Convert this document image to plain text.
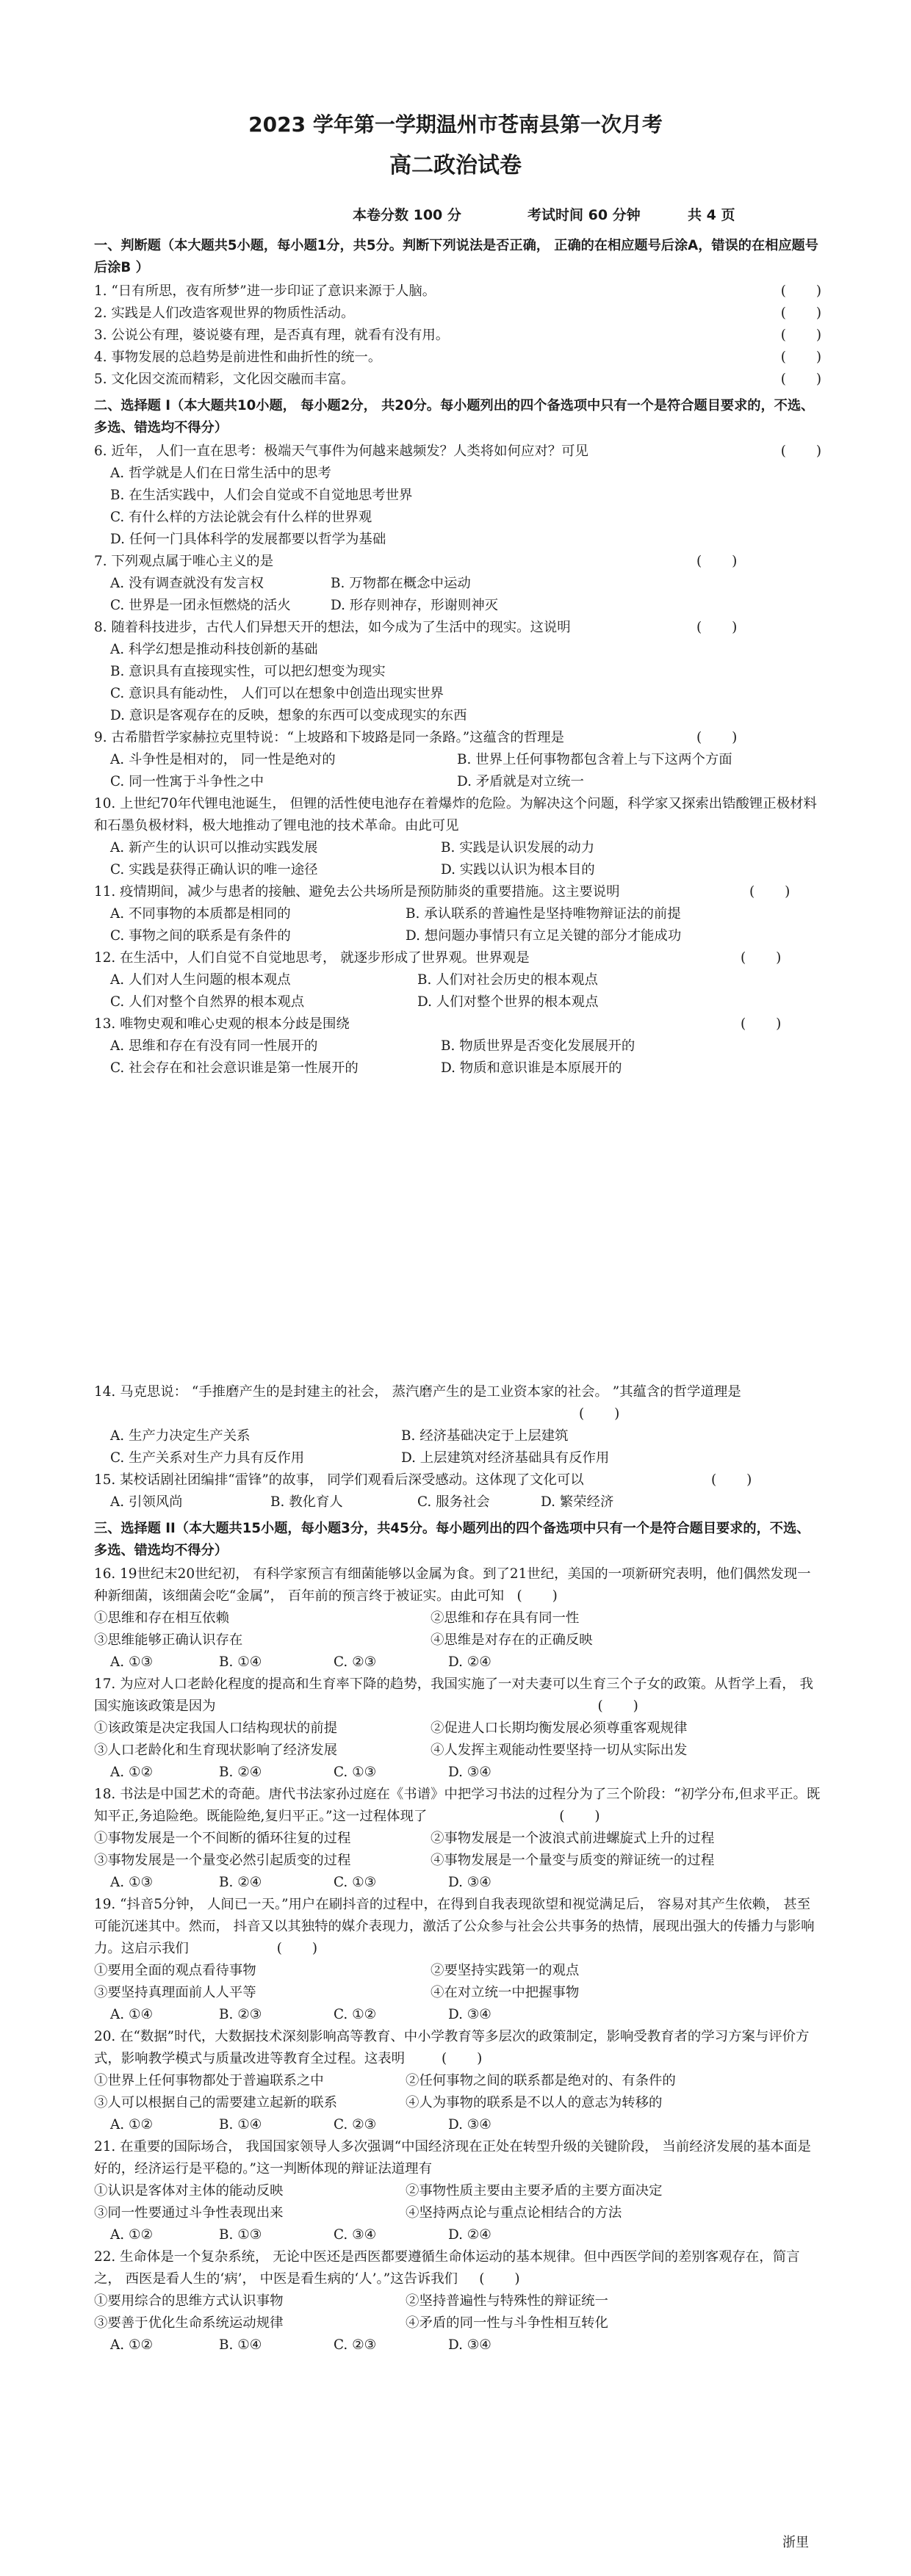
2023 学年第一学期温州市苍南县第一次月考
高二政治试卷
本卷分数 100 分	考试时间 60 分钟	共 4 页
一、判断题（本大题共5小题，每小题1分，共5分。判断下列说法是否正确， 正确的在相应题号后涂A，错误的在相应题号后涂B ）
1. “日有所思，夜有所梦”进一步印证了意识来源于人脑。	(       )
2. 实践是人们改造客观世界的物质性活动。	(       )
3. 公说公有理，婆说婆有理，是否真有理，就看有没有用。	(       )
4. 事物发展的总趋势是前进性和曲折性的统一。	(       )
5. 文化因交流而精彩，文化因交融而丰富。	(       )
二、选择题 I（本大题共10小题， 每小题2分， 共20分。每小题列出的四个备选项中只有一个是符合题目要求的，不选、多选、错选均不得分）
6. 近年， 人们一直在思考：极端天气事件为何越来越频发？人类将如何应对？可见	(       )
A. 哲学就是人们在日常生活中的思考
B. 在生活实践中，人们会自觉或不自觉地思考世界
C. 有什么样的方法论就会有什么样的世界观
D. 任何一门具体科学的发展都要以哲学为基础
7. 下列观点属于唯心主义的是	(       )
A. 没有调查就没有发言权	B. 万物都在概念中运动
C. 世界是一团永恒燃烧的活火	D. 形存则神存，形谢则神灭
8. 随着科技进步，古代人们异想天开的想法，如今成为了生活中的现实。这说明	(       )
A. 科学幻想是推动科技创新的基础
B. 意识具有直接现实性，可以把幻想变为现实
C. 意识具有能动性， 人们可以在想象中创造出现实世界
D. 意识是客观存在的反映，想象的东西可以变成现实的东西
9. 古希腊哲学家赫拉克里特说：“上坡路和下坡路是同一条路。”这蕴含的哲理是	(       )
A. 斗争性是相对的， 同一性是绝对的	B. 世界上任何事物都包含着上与下这两个方面
C. 同一性寓于斗争性之中	D. 矛盾就是对立统一
10. 上世纪70年代锂电池诞生， 但锂的活性使电池存在着爆炸的危险。为解决这个问题，科学家又探索出锆酸锂正极材料和石墨负极材料，极大地推动了锂电池的技术革命。由此可见
A. 新产生的认识可以推动实践发展	B. 实践是认识发展的动力
C. 实践是获得正确认识的唯一途径	D. 实践以认识为根本目的
11. 疫情期间，减少与患者的接触、避免去公共场所是预防肺炎的重要措施。这主要说明	(       )
A. 不同事物的本质都是相同的	B. 承认联系的普遍性是坚持唯物辩证法的前提
C. 事物之间的联系是有条件的	D. 想问题办事情只有立足关键的部分才能成功
12. 在生活中，人们自觉不自觉地思考， 就逐步形成了世界观。世界观是	(       )
A. 人们对人生问题的根本观点	B. 人们对社会历史的根本观点
C. 人们对整个自然界的根本观点	D. 人们对整个世界的根本观点
13. 唯物史观和唯心史观的根本分歧是围绕	(       )
A. 思维和存在有没有同一性展开的	B. 物质世界是否变化发展展开的
C. 社会存在和社会意识谁是第一性展开的	D. 物质和意识谁是本原展开的
14. 马克思说： “手推磨产生的是封建主的社会， 蒸汽磨产生的是工业资本家的社会。 ”其蕴含的哲学道理是(       )
A. 生产力决定生产关系	B. 经济基础决定于上层建筑
C. 生产关系对生产力具有反作用	D. 上层建筑对经济基础具有反作用
15. 某校话剧社团编排“雷锋”的故事， 同学们观看后深受感动。这体现了文化可以	(       )
A. 引领风尚	B. 教化育人	C. 服务社会	D. 繁荣经济
三、选择题 II（本大题共15小题，每小题3分，共45分。每小题列出的四个备选项中只有一个是符合题目要求的，不选、多选、错选均不得分）
16. 19世纪末20世纪初， 有科学家预言有细菌能够以金属为食。到了21世纪，美国的一项新研究表明，他们偶然发现一种新细菌，该细菌会吃“金属”， 百年前的预言终于被证实。由此可知   (       )
①思维和存在相互依赖	②思维和存在具有同一性
③思维能够正确认识存在	④思维是对存在的正确反映
A. ①③	B. ①④	C. ②③	D. ②④
17. 为应对人口老龄化程度的提高和生育率下降的趋势，我国实施了一对夫妻可以生育三个子女的政策。从哲学上看， 我国实施该政策是因为	(       )
①该政策是决定我国人口结构现状的前提	②促进人口长期均衡发展必须尊重客观规律
③人口老龄化和生育现状影响了经济发展	④人发挥主观能动性要坚持一切从实际出发
A. ①②	B. ②④	C. ①③	D. ③④
18. 书法是中国艺术的奇葩。唐代书法家孙过庭在《书谱》中把学习书法的过程分为了三个阶段：“初学分布,但求平正。既知平正,务追险绝。既能险绝,复归平正。”这一过程体现了	(       )
①事物发展是一个不间断的循环往复的过程	②事物发展是一个波浪式前进螺旋式上升的过程
③事物发展是一个量变必然引起质变的过程	④事物发展是一个量变与质变的辩证统一的过程
A. ①③	B. ②④	C. ①③	D. ③④
19. “抖音5分钟， 人间已一天。”用户在刷抖音的过程中，在得到自我表现欲望和视觉满足后， 容易对其产生依赖， 甚至可能沉迷其中。然而， 抖音又以其独特的媒介表现力，激活了公众参与社会公共事务的热情，展现出强大的传播力与影响力。这启示我们	(       )
①要用全面的观点看待事物	②要坚持实践第一的观点
③要坚持真理面前人人平等	④在对立统一中把握事物
A. ①④	B. ②③	C. ①②	D. ③④
20. 在“数据”时代，大数据技术深刻影响高等教育、中小学教育等多层次的政策制定，影响受教育者的学习方案与评价方式，影响教学模式与质量改进等教育全过程。这表明	(       )
①世界上任何事物都处于普遍联系之中	②任何事物之间的联系都是绝对的、有条件的
③人可以根据自己的需要建立起新的联系	④人为事物的联系是不以人的意志为转移的
A. ①②	B. ①④	C. ②③	D. ③④
21. 在重要的国际场合， 我国国家领导人多次强调“中国经济现在正处在转型升级的关键阶段， 当前经济发展的基本面是好的，经济运行是平稳的。”这一判断体现的辩证法道理有
①认识是客体对主体的能动反映	②事物性质主要由主要矛盾的主要方面决定
③同一性要通过斗争性表现出来	④坚持两点论与重点论相结合的方法
A. ①②	B. ①③	C. ③④	D. ②④
22. 生命体是一个复杂系统， 无论中医还是西医都要遵循生命体运动的基本规律。但中西医学间的差别客观存在，简言之， 西医是看人生的‘病’， 中医是看生病的‘人’。”这告诉我们     (       )
①要用综合的思维方式认识事物	②坚持普遍性与特殊性的辩证统一
③要善于优化生命系统运动规律	④矛盾的同一性与斗争性相互转化
A. ①②	B. ①④	C. ②③	D. ③④
浙里
